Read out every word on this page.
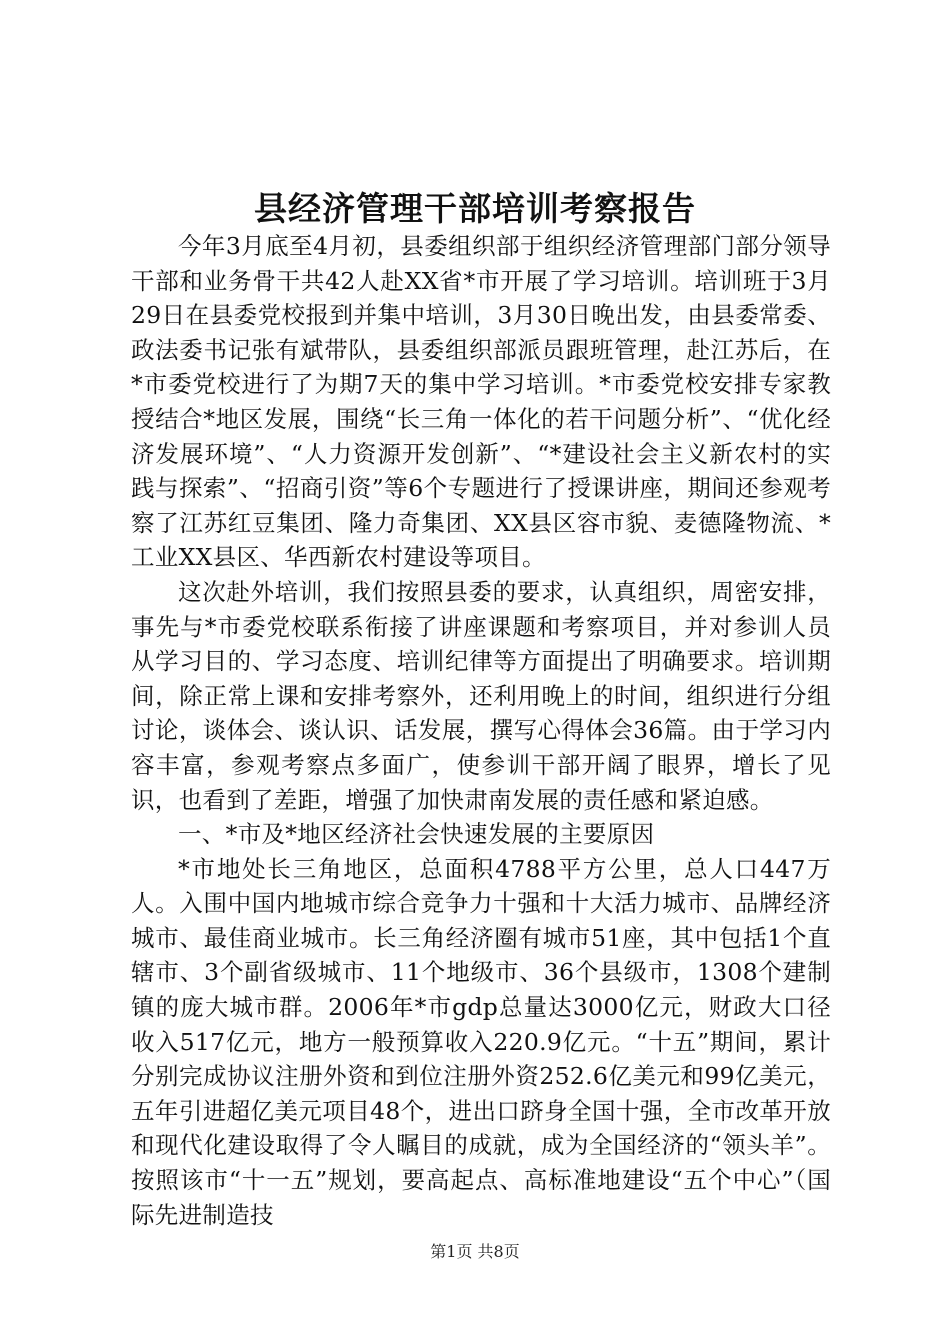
县经济管理干部培训考察报告

今年3月底至4月初，县委组织部于组织经济管理部门部分领导干部和业务骨干共42人赴XX省*市开展了学习培训。培训班于3月29日在县委党校报到并集中培训，3月30日晚出发，由县委常委、政法委书记张有斌带队，县委组织部派员跟班管理，赴江苏后，在*市委党校进行了为期7天的集中学习培训。*市委党校安排专家教授结合*地区发展，围绕“长三角一体化的若干问题分析”、“优化经济发展环境”、“人力资源开发创新”、“*建设社会主义新农村的实践与探索”、“招商引资”等6个专题进行了授课讲座，期间还参观考察了江苏红豆集团、隆力奇集团、XX县区容市貌、麦德隆物流、*工业XX县区、华西新农村建设等项目。

这次赴外培训，我们按照县委的要求，认真组织，周密安排，事先与*市委党校联系衔接了讲座课题和考察项目，并对参训人员从学习目的、学习态度、培训纪律等方面提出了明确要求。培训期间，除正常上课和安排考察外，还利用晚上的时间，组织进行分组讨论，谈体会、谈认识、话发展，撰写心得体会36篇。由于学习内容丰富，参观考察点多面广，使参训干部开阔了眼界，增长了见识，也看到了差距，增强了加快肃南发展的责任感和紧迫感。

一、*市及*地区经济社会快速发展的主要原因

*市地处长三角地区，总面积4788平方公里，总人口447万人。入围中国内地城市综合竞争力十强和十大活力城市、品牌经济城市、最佳商业城市。长三角经济圈有城市51座，其中包括1个直辖市、3个副省级城市、11个地级市、36个县级市，1308个建制镇的庞大城市群。2006年*市gdp总量达3000亿元，财政大口径收入517亿元，地方一般预算收入220.9亿元。“十五”期间，累计分别完成协议注册外资和到位注册外资252.6亿美元和99亿美元，五年引进超亿美元项目48个，进出口跻身全国十强，全市改革开放和现代化建设取得了令人瞩目的成就，成为全国经济的“领头羊”。按照该市“十一五”规划，要高起点、高标准地建设“五个中心”（国际先进制造技

第1页 共8页
